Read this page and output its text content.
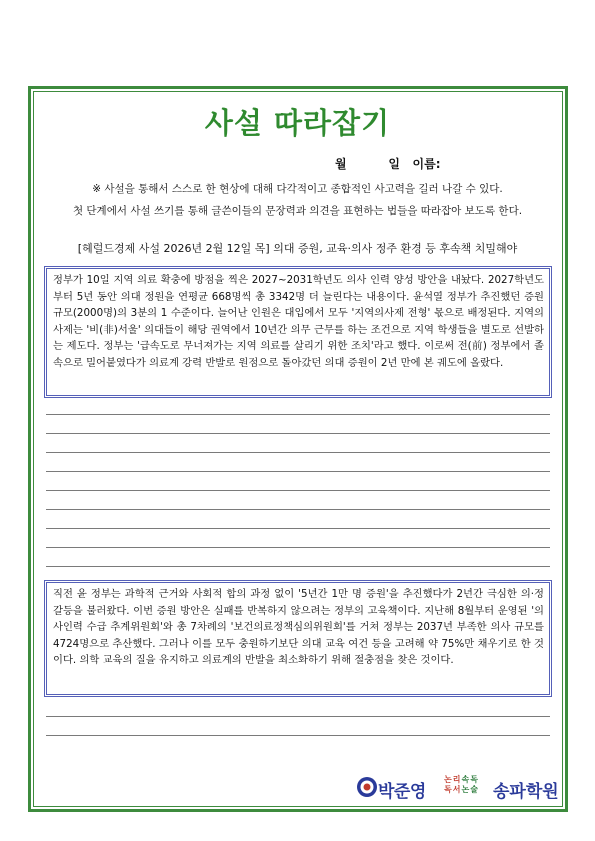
사설 따라잡기
월	일 이름:
※ 사설을 통해서 스스로 한 현상에 대해 다각적이고 종합적인 사고력을 길러 나갈 수 있다.
첫 단계에서 사설 쓰기를 통해 글쓴이들의 문장력과 의견을 표현하는 법들을 따라잡아 보도록 한다.
[헤럴드경제 사설 2026년 2월 12일 목] 의대 증원, 교육·의사 정주 환경 등 후속책 치밀해야
정부가 10일 지역 의료 확충에 방점을 찍은 2027~2031학년도 의사 인력 양성 방안을 내놨다. 2027학년도부터 5년 동안 의대 정원을 연평균 668명씩 총 3342명 더 늘린다는 내용이다. 윤석열 정부가 추진했던 증원 규모(2000명)의 3분의 1 수준이다. 늘어난 인원은 대입에서 모두 '지역의사제 전형' 몫으로 배정된다. 지역의사제는 '비(非)서울' 의대들이 해당 권역에서 10년간 의무 근무를 하는 조건으로 지역 학생들을 별도로 선발하는 제도다. 정부는 '급속도로 무너져가는 지역 의료를 살리기 위한 조치'라고 했다. 이로써 전(前) 정부에서 졸속으로 밀어붙였다가 의료계 강력 반발로 원점으로 돌아갔던 의대 증원이 2년 만에 본 궤도에 올랐다.
직전 윤 정부는 과학적 근거와 사회적 합의 과정 없이 '5년간 1만 명 증원'을 추진했다가 2년간 극심한 의·정 갈등을 불러왔다. 이번 증원 방안은 실패를 반복하지 않으려는 정부의 고육책이다. 지난해 8월부터 운영된 '의사인력 수급 추계위원회'와 총 7차례의 '보건의료정책심의위원회'를 거쳐 정부는 2037년 부족한 의사 규모를 4724명으로 추산했다. 그러나 이를 모두 충원하기보단 의대 교육 여건 등을 고려해 약 75%만 채우기로 한 것이다. 의학 교육의 질을 유지하고 의료계의 반발을 최소화하기 위해 절충점을 찾은 것이다.
박준영
논리속독
독서논술 송파학원
